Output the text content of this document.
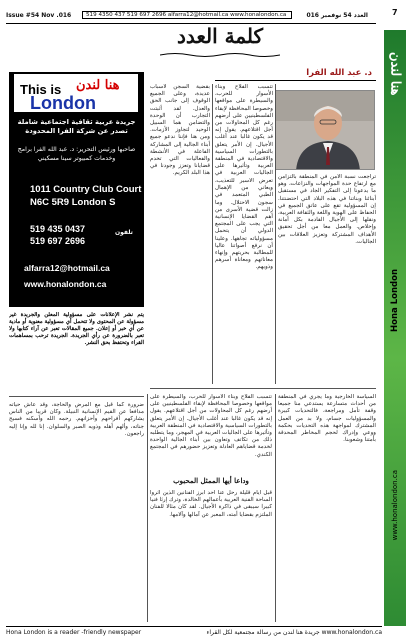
Issue #54 Nov .016	519 4350 437 519 697 2696 alfarra12@hotmail.ca www.honalondon.ca	العدد 54 نوفمبر 016	7
هنا لندن
Hona London
www.honalondon.ca
كلمة العدد
د. عبد الله الفرا
تتسبب الفلاح وبناء الأسوار للحرب، والسيطرة على مواقعها وخصوصا المحافظة لإبقاء الفلسطينيين على أرضهم رغم كل المحاولات من أجل اقتلاعهم. يقول إنه قد يكون غالبا عند أغلب الأجيال. إن الأمر يتعلق بالتطورات السياسية والاقتصادية في المنطقة العربية وتأثيرها على الجاليات العربية في
تراجعت نسبة الأمن في المنطقة بالتزامن مع ارتفاع حدة المواجهات والنزاعات، وهو ما يدعونا إلى التفكير الجاد في مستقبل أبنائنا وبناتنا في هذه البلاد التي احتضنتنا. إن المسؤولية تقع على عاتق الجميع في الحفاظ على الهوية واللغة والثقافة العربية، ونقلها إلى الأجيال القادمة بكل أمانة وإخلاص. والعمل معا من أجل تحقيق الأهداف المشتركة وتعزيز العلاقات بين الجاليات.
تعرض الأسير للتعذيب، ويعاني من الإهمال الطبي المتعمد في سجون الاحتلال. وما زالت قضية الأسرى من أهم القضايا الإنسانية التي يجب على المجتمع الدولي أن يتحمل مسؤولياته تجاهها. وعلينا أن نرفع أصواتنا عاليا للمطالبة بحريتهم وإنهاء معاناتهم ومعاناة أسرهم وذويهم.
بقضية السجن لأسباب عديدة، وعلى الجميع الوقوف إلى جانب الحق والعدل. لقد أثبتت التجارب أن الوحدة والتضامن هما السبيل الوحيد لتجاوز الأزمات. ومن هنا فإننا ندعو جميع أبناء الجالية إلى المشاركة الفاعلة في الأنشطة والفعاليات التي تخدم قضايانا وتعزز وجودنا في هذا البلد الكريم.
جريدة عربية ثقافية اجتماعية شاملة تصدر عن شركة الفرا المحدودة
صاحبها ورئيس التحرير: د. عبد الله الفرا برامج وخدمات كمبيوتر سينا مسكيني
1011 Country Club Court
N6C 5R9 London S
519 435 0437
519 697 2696
تلفون
alfarra12@hotmail.ca
www.honalondon.ca
This is هنا لندن
London
يتم نشر الإعلانات على مسؤولية المعلن والجريدة غير مسؤولة عن المحتوى ولا تتحمل أي مسؤولية معنوية أو مادية عن أي خبر أو إعلان. جميع المقالات تعبر عن آراء كتابها ولا تعبر بالضرورة عن رأي الجريدة. الجريدة ترحب بمساهمات القراء وتحتفظ بحق النشر.
السياسة الخارجية وما يجري في المنطقة من أحداث متسارعة يستدعي منا جميعا وقفة تأمل ومراجعة، فالتحديات كبيرة والمسؤوليات جسام، ولا بد من العمل المشترك لمواجهة هذه التحديات بحكمة ووعي وإدراك لحجم المخاطر المحدقة بأمتنا وشعوبنا.
تتسبب الفلاح وبناء الأسوار للحرب، والسيطرة على مواقعها وخصوصا المحافظة لإبقاء الفلسطينيين على أرضهم رغم كل المحاولات من أجل اقتلاعهم. يقول إنه قد يكون غالبا عند أغلب الأجيال. إن الأمر يتعلق بالتطورات السياسية والاقتصادية في المنطقة العربية وتأثيرها على الجاليات العربية في المهجر، وما يتطلبه ذلك من تكاتف وتعاون بين أبناء الجالية الواحدة لخدمة قضاياهم العادلة وتعزيز حضورهم في المجتمع الكندي.
وداعا أيها الممثل المحبوب
قبل أيام قليلة رحل عنا أحد أبرز الفنانين الذين أثروا الساحة الفنية العربية بأعمالهم الخالدة، وترك إرثا فنيا كبيرا سيبقى في ذاكرة الأجيال. لقد كان مثالا للفنان الملتزم بقضايا أمته، المعبر عن آمالها وآلامها.
ضرورة كما قيل مع المرض والحاجة، وقد عاش حياته مدافعا عن القيم الإنسانية النبيلة. وكان قريبا من الناس يشاركهم أفراحهم وأحزانهم. رحمه الله وأسكنه فسيح جناته، وألهم أهله وذويه الصبر والسلوان. إنا لله وإنا إليه راجعون.
Hona London is a reader -friendly newspaper	جريدة هنا لندن من رسالة مجتمعية لكل القراء www.honalondon.ca
